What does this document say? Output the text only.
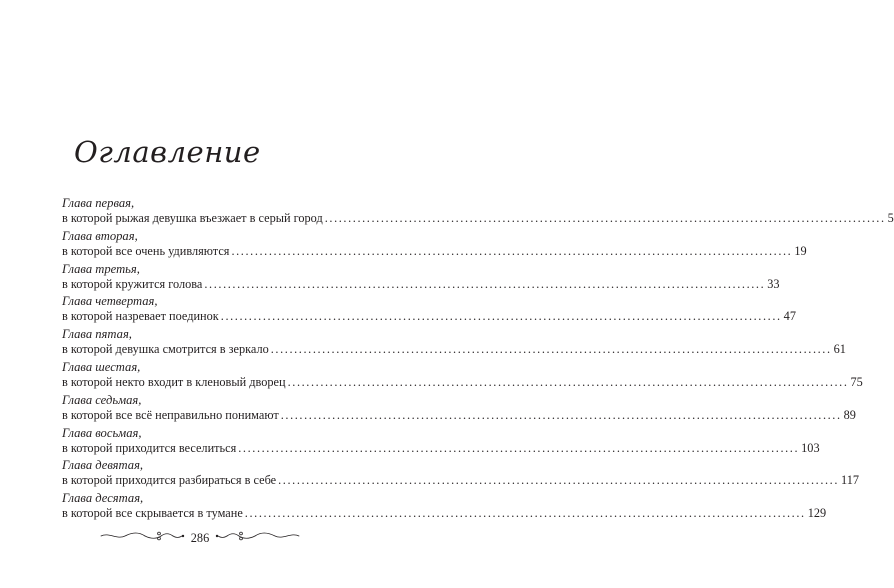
Оглавление
Глава первая,
в которой рыжая девушка въезжает в серый город ........................................................................................................................ 5
Глава вторая,
в которой все очень удивляются ........................................................................................................................ 19
Глава третья,
в которой кружится голова ........................................................................................................................ 33
Глава четвертая,
в которой назревает поединок ........................................................................................................................ 47
Глава пятая,
в которой девушка смотрится в зеркало ........................................................................................................................ 61
Глава шестая,
в которой некто входит в кленовый дворец ........................................................................................................................ 75
Глава седьмая,
в которой все всё неправильно понимают ........................................................................................................................ 89
Глава восьмая,
в которой приходится веселиться ........................................................................................................................ 103
Глава девятая,
в которой приходится разбираться в себе ........................................................................................................................ 117
Глава десятая,
в которой все скрывается в тумане ........................................................................................................................ 129
286
